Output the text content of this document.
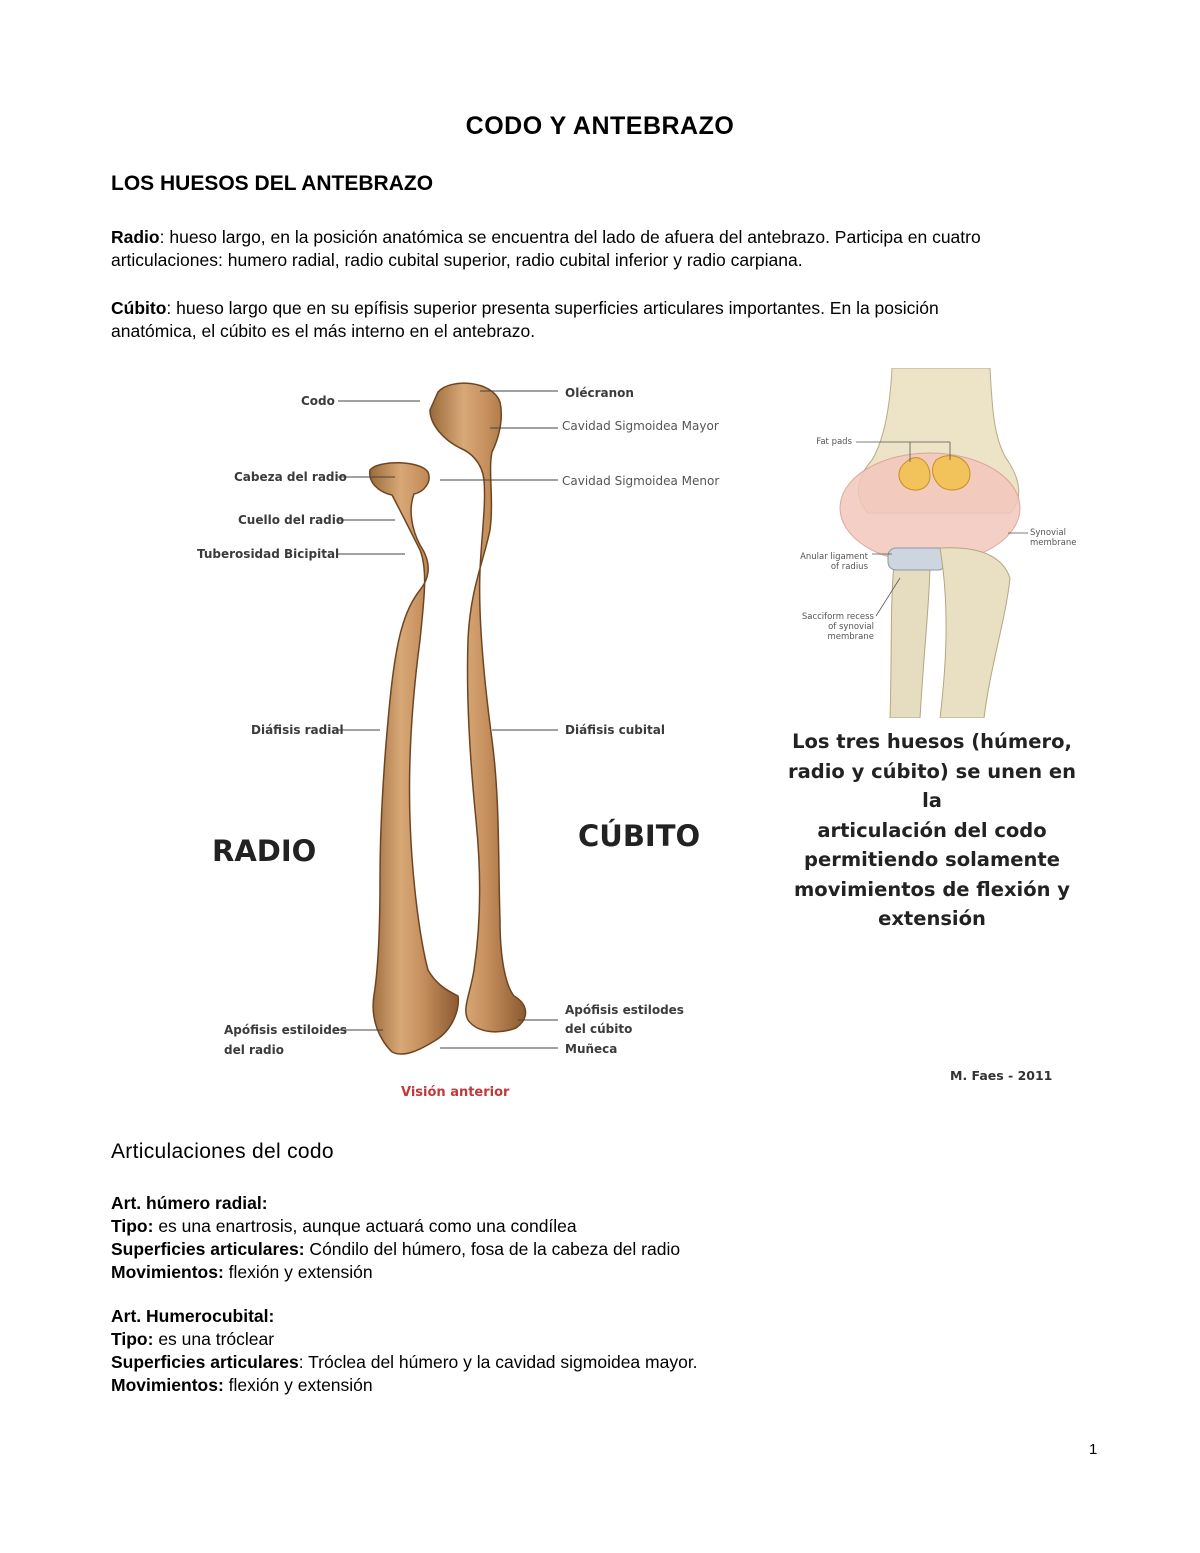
CODO Y ANTEBRAZO
LOS HUESOS DEL ANTEBRAZO
Radio: hueso largo, en la posición anatómica se encuentra del lado de afuera del antebrazo. Participa en cuatro
articulaciones: humero radial, radio cubital superior, radio cubital inferior y radio carpiana.
Cúbito: hueso largo que en su epífisis superior presenta superficies articulares importantes. En la posición
anatómica, el cúbito es el más interno en el antebrazo.
Codo
Cabeza del radio
Cuello del radio
Tuberosidad Bicipital
Diáfisis radial
Apófisis estiloides
del radio
Olécranon
Cavidad Sigmoidea Mayor
Cavidad Sigmoidea Menor
Diáfisis cubital
Apófisis estilodes
del cúbito
Muñeca
RADIO	CÚBITO
Visión anterior
Fat pads
Synovial
membrane
Anular ligament
of radius
Sacciform recess
of synovial
membrane
Los tres huesos (húmero,
radio y cúbito) se unen en la
articulación del codo
permitiendo solamente
movimientos de flexión y
extensión
M. Faes - 2011
Articulaciones del codo
Art. húmero radial:
Tipo: es una enartrosis, aunque actuará como una condílea
Superficies articulares: Cóndilo del húmero, fosa de la cabeza del radio
Movimientos: flexión y extensión
Art. Humerocubital:
Tipo: es una tróclear
Superficies articulares: Tróclea del húmero y la cavidad sigmoidea mayor.
Movimientos: flexión y extensión
1
